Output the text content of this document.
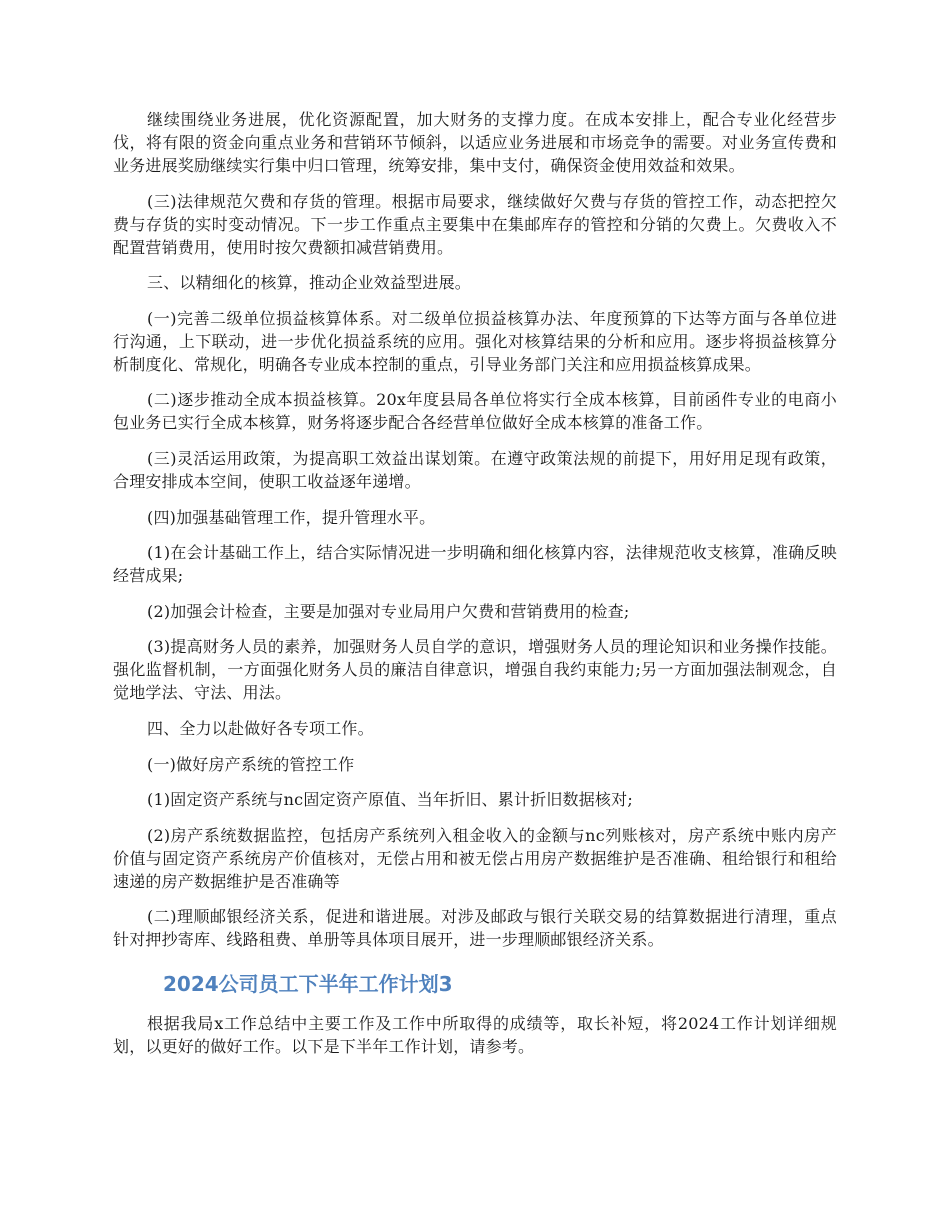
继续围绕业务进展，优化资源配置，加大财务的支撑力度。在成本安排上，配合专业化经营步伐，将有限的资金向重点业务和营销环节倾斜，以适应业务进展和市场竞争的需要。对业务宣传费和业务进展奖励继续实行集中归口管理，统筹安排，集中支付，确保资金使用效益和效果。

(三)法律规范欠费和存货的管理。根据市局要求，继续做好欠费与存货的管控工作，动态把控欠费与存货的实时变动情况。下一步工作重点主要集中在集邮库存的管控和分销的欠费上。欠费收入不配置营销费用，使用时按欠费额扣减营销费用。

三、以精细化的核算，推动企业效益型进展。

(一)完善二级单位损益核算体系。对二级单位损益核算办法、年度预算的下达等方面与各单位进行沟通，上下联动，进一步优化损益系统的应用。强化对核算结果的分析和应用。逐步将损益核算分析制度化、常规化，明确各专业成本控制的重点，引导业务部门关注和应用损益核算成果。

(二)逐步推动全成本损益核算。20x年度县局各单位将实行全成本核算，目前函件专业的电商小包业务已实行全成本核算，财务将逐步配合各经营单位做好全成本核算的准备工作。

(三)灵活运用政策，为提高职工效益出谋划策。在遵守政策法规的前提下，用好用足现有政策，合理安排成本空间，使职工收益逐年递增。

(四)加强基础管理工作，提升管理水平。

(1)在会计基础工作上，结合实际情况进一步明确和细化核算内容，法律规范收支核算，准确反映经营成果;

(2)加强会计检查，主要是加强对专业局用户欠费和营销费用的检查;

(3)提高财务人员的素养，加强财务人员自学的意识，增强财务人员的理论知识和业务操作技能。强化监督机制，一方面强化财务人员的廉洁自律意识，增强自我约束能力;另一方面加强法制观念，自觉地学法、守法、用法。

四、全力以赴做好各专项工作。

(一)做好房产系统的管控工作

(1)固定资产系统与nc固定资产原值、当年折旧、累计折旧数据核对;

(2)房产系统数据监控，包括房产系统列入租金收入的金额与nc列账核对，房产系统中账内房产价值与固定资产系统房产价值核对，无偿占用和被无偿占用房产数据维护是否准确、租给银行和租给速递的房产数据维护是否准确等

(二)理顺邮银经济关系，促进和谐进展。对涉及邮政与银行关联交易的结算数据进行清理，重点针对押抄寄库、线路租费、单册等具体项目展开，进一步理顺邮银经济关系。

2024公司员工下半年工作计划3

根据我局x工作总结中主要工作及工作中所取得的成绩等，取长补短，将2024工作计划详细规划，以更好的做好工作。以下是下半年工作计划，请参考。
